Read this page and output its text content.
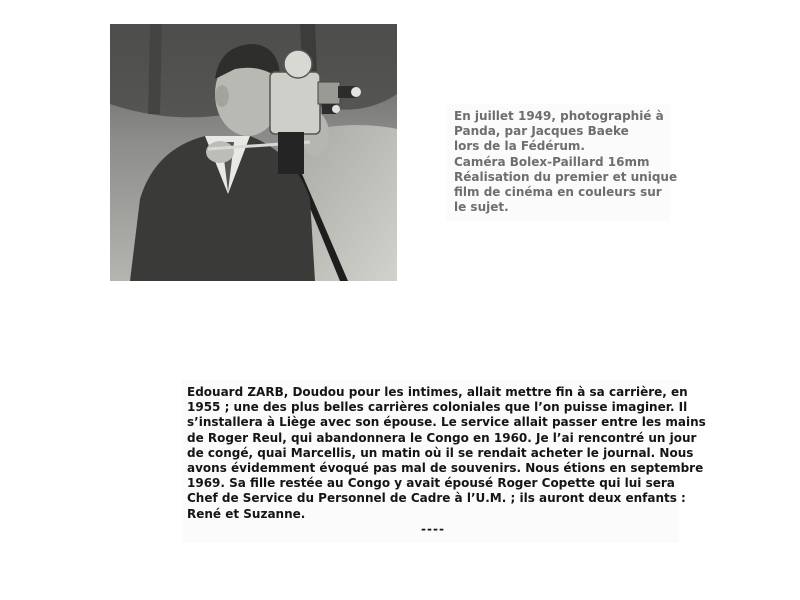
En juillet 1949, photographié à
Panda, par Jacques Baeke
lors de la Fédérum.
Caméra Bolex-Paillard 16mm
Réalisation du premier et unique
film de cinéma en couleurs sur
le sujet.
Edouard ZARB, Doudou pour les intimes, allait mettre fin à sa carrière, en
1955 ; une des plus belles carrières coloniales que l’on puisse imaginer. Il
s’installera à Liège avec son épouse. Le service allait passer entre les mains
de Roger Reul, qui abandonnera le Congo en 1960. Je l’ai rencontré un jour
de congé, quai Marcellis, un matin où il se rendait acheter le journal. Nous
avons évidemment évoqué pas mal de souvenirs. Nous étions en septembre
1969. Sa fille restée au Congo y avait épousé Roger Copette qui lui sera
Chef de Service du Personnel de Cadre à l’U.M. ; ils auront deux enfants :
René et Suzanne.
----
